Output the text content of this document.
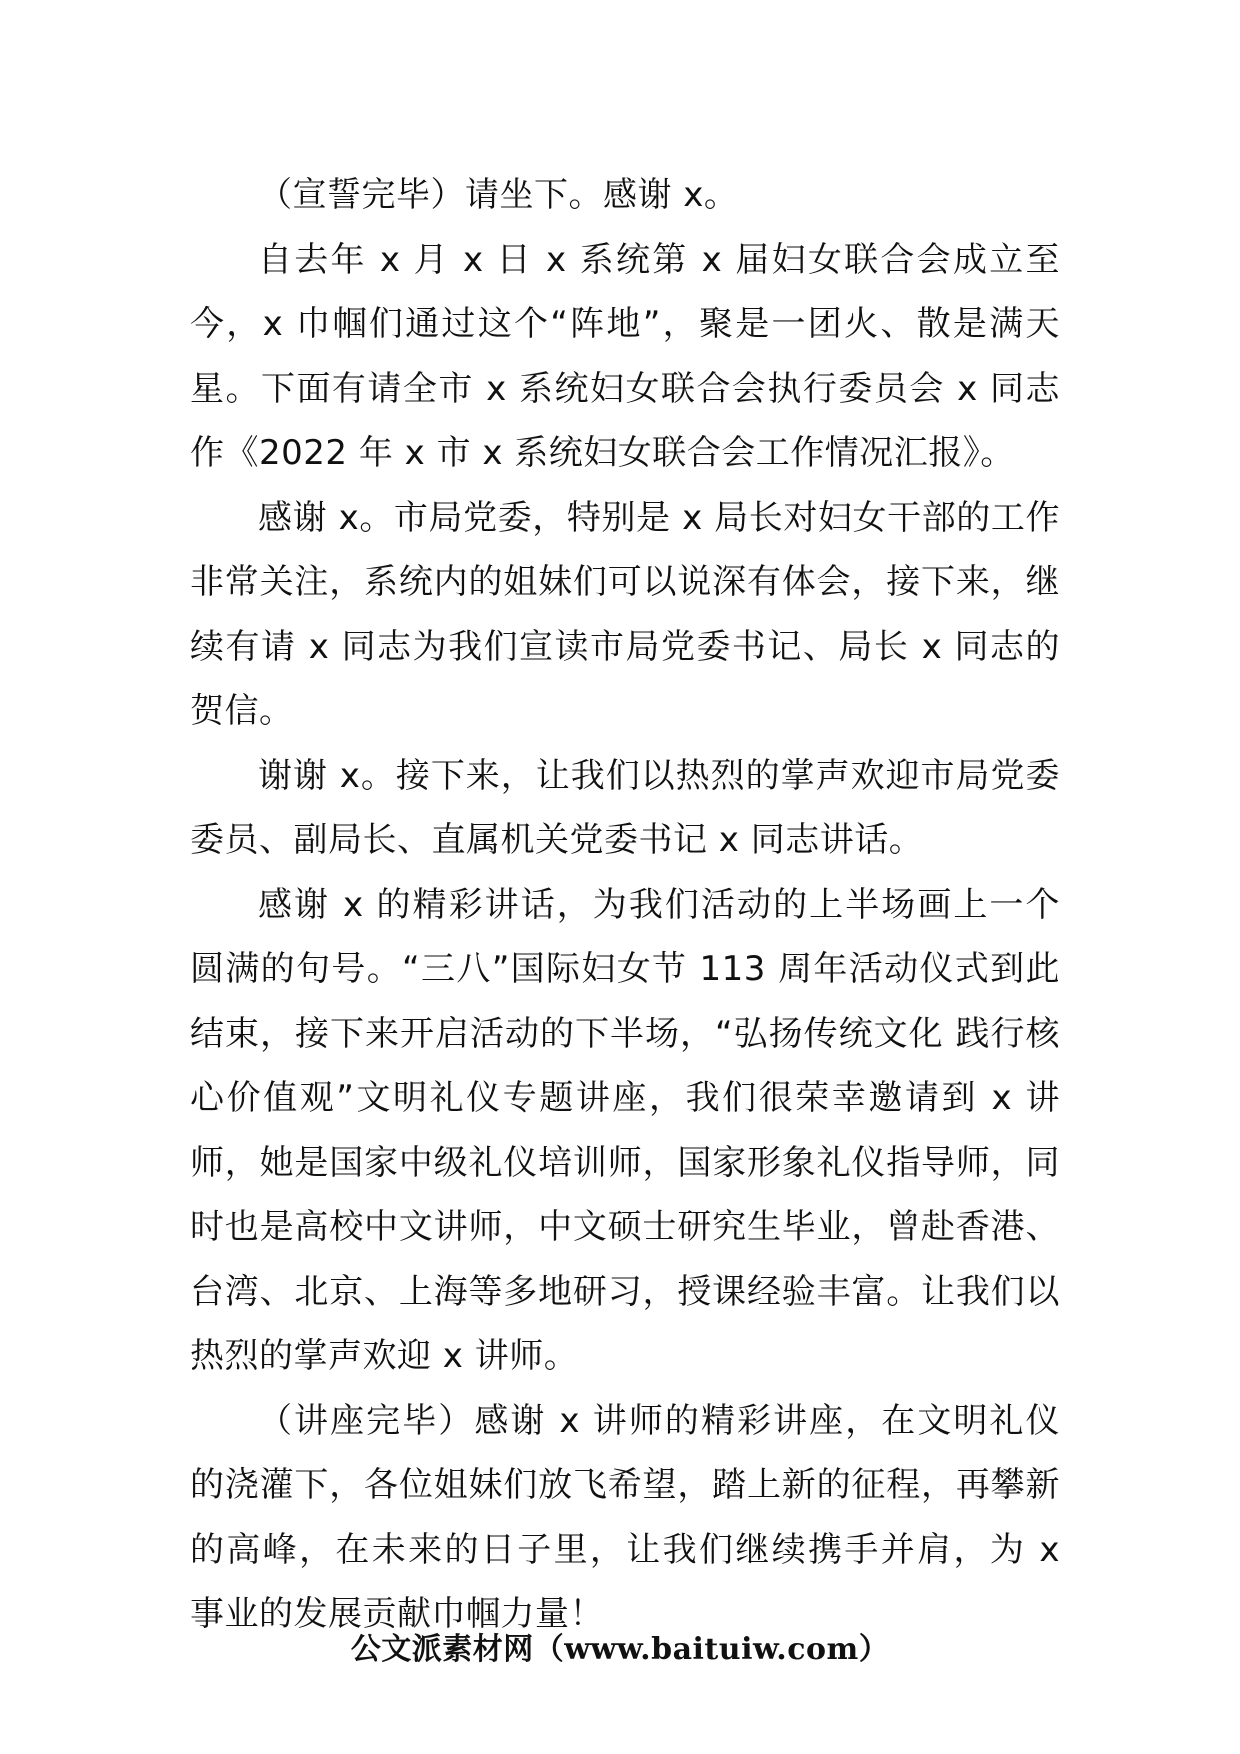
（宣誓完毕）请坐下。感谢 x。

自去年 x 月 x 日 x 系统第 x 届妇女联合会成立至今，x 巾帼们通过这个“阵地”，聚是一团火、散是满天星。下面有请全市 x 系统妇女联合会执行委员会 x 同志作《2022 年 x 市 x 系统妇女联合会工作情况汇报》。

感谢 x。市局党委，特别是 x 局长对妇女干部的工作非常关注，系统内的姐妹们可以说深有体会，接下来，继续有请 x 同志为我们宣读市局党委书记、局长 x 同志的贺信。

谢谢 x。接下来，让我们以热烈的掌声欢迎市局党委委员、副局长、直属机关党委书记 x 同志讲话。

感谢 x 的精彩讲话，为我们活动的上半场画上一个圆满的句号。“三八”国际妇女节 113 周年活动仪式到此结束，接下来开启活动的下半场，“弘扬传统文化 践行核心价值观”文明礼仪专题讲座，我们很荣幸邀请到 x 讲师，她是国家中级礼仪培训师，国家形象礼仪指导师，同时也是高校中文讲师，中文硕士研究生毕业，曾赴香港、台湾、北京、上海等多地研习，授课经验丰富。让我们以热烈的掌声欢迎 x 讲师。

（讲座完毕）感谢 x 讲师的精彩讲座，在文明礼仪的浇灌下，各位姐妹们放飞希望，踏上新的征程，再攀新的高峰，在未来的日子里，让我们继续携手并肩，为 x 事业的发展贡献巾帼力量！

公文派素材网（www.baituiw.com）
